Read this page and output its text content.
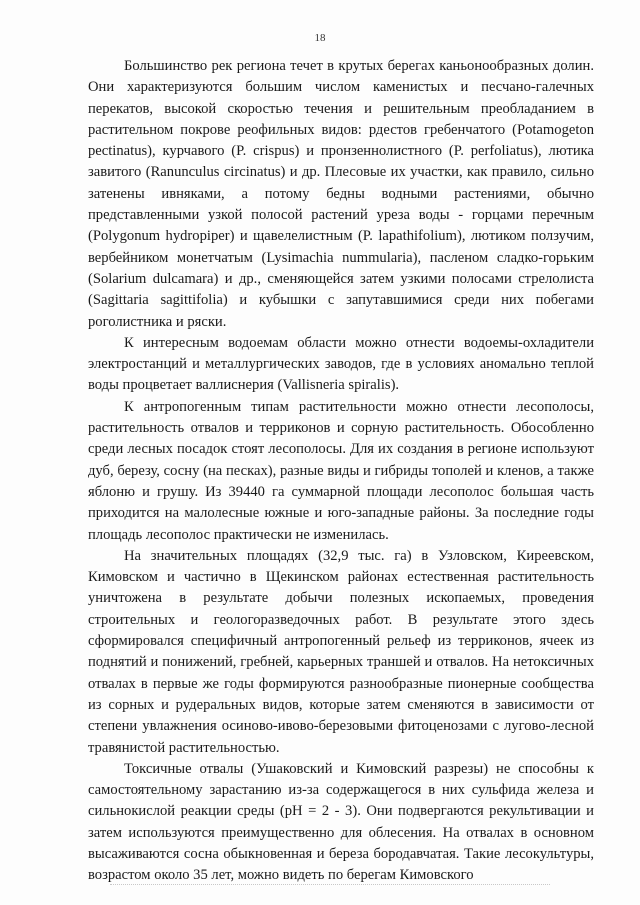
18

Большинство рек региона течет в крутых берегах каньонообразных долин. Они характеризуются большим числом каменистых и песчано-галечных перекатов, высокой скоростью течения и решительным преобладанием в растительном покрове реофильных видов: рдестов гребенчатого (Potamogeton pectinatus), курчавого (P. crispus) и пронзеннолистного (P. perfoliatus), лютика завитого (Ranunculus circinatus) и др. Плесовые их участки, как правило, сильно затенены ивняками, а потому бедны водными растениями, обычно представленными узкой полосой растений уреза воды - горцами перечным (Polygonum hydropiper) и щавелелистным (P. lapathifolium), лютиком ползучим, вербейником монетчатым (Lysimachia nummularia), пасленом сладко-горьким (Solarium dulcamara) и др., сменяющейся затем узкими полосами стрелолиста (Sagittaria sagittifolia) и кубышки с запутавшимися среди них побегами роголистника и ряски.

К интересным водоемам области можно отнести водоемы-охладители электростанций и металлургических заводов, где в условиях аномально теплой воды процветает валлиснерия (Vallisneria spiralis).

К антропогенным типам растительности можно отнести лесополосы, растительность отвалов и терриконов и сорную растительность. Обособленно среди лесных посадок стоят лесополосы. Для их создания в регионе используют дуб, березу, сосну (на песках), разные виды и гибриды тополей и кленов, а также яблоню и грушу. Из 39440 га суммарной площади лесополос большая часть приходится на малолесные южные и юго-западные районы. За последние годы площадь лесополос практически не изменилась.

На значительных площадях (32,9 тыс. га) в Узловском, Киреевском, Кимовском и частично в Щекинском районах естественная растительность уничтожена в результате добычи полезных ископаемых, проведения строительных и геологоразведочных работ. В результате этого здесь сформировался специфичный антропогенный рельеф из терриконов, ячеек из поднятий и понижений, гребней, карьерных траншей и отвалов. На нетоксичных отвалах в первые же годы формируются разнообразные пионерные сообщества из сорных и рудеральных видов, которые затем сменяются в зависимости от степени увлажнения осиново-ивово-березовыми фитоценозами с лугово-лесной травянистой растительностью.

Токсичные отвалы (Ушаковский и Кимовский разрезы) не способны к самостоятельному зарастанию из-за содержащегося в них сульфида железа и сильнокислой реакции среды (pH = 2 - 3). Они подвергаются рекультивации и затем используются преимущественно для облесения. На отвалах в основном высаживаются сосна обыкновенная и береза бородавчатая. Такие лесокультуры, возрастом около 35 лет, можно видеть по берегам Кимовского
